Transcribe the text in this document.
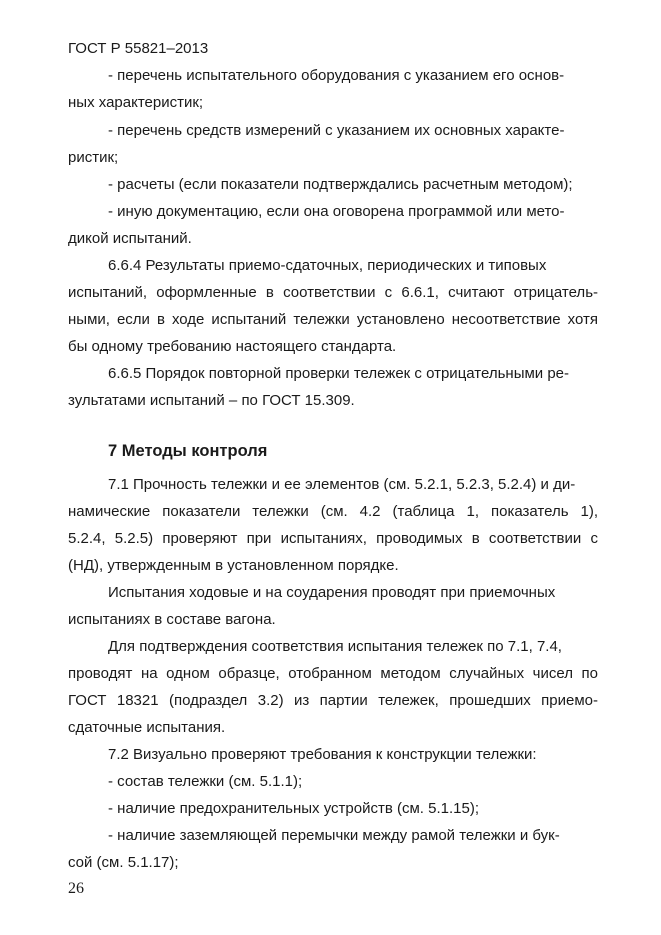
ГОСТ Р 55821–2013
- перечень испытательного оборудования с указанием его основ-
ных характеристик;
- перечень средств измерений с указанием их основных характе-
ристик;
- расчеты (если показатели подтверждались расчетным методом);
- иную документацию, если она оговорена программой или мето-
дикой испытаний.
6.6.4 Результаты приемо-сдаточных, периодических и типовых
испытаний, оформленные в соответствии с 6.6.1, считают отрицатель-
ными, если в ходе испытаний тележки установлено несоответствие хотя
бы одному требованию настоящего стандарта.
6.6.5 Порядок повторной проверки тележек с отрицательными ре-
зультатами испытаний – по ГОСТ 15.309.
7 Методы контроля
7.1 Прочность тележки и ее элементов (см. 5.2.1, 5.2.3, 5.2.4) и ди-
намические показатели тележки (см. 4.2 (таблица 1, показатель 1),
5.2.4, 5.2.5) проверяют при испытаниях, проводимых в соответствии с
(НД), утвержденным в установленном порядке.
Испытания ходовые и на соударения проводят при приемочных
испытаниях в составе вагона.
Для подтверждения соответствия испытания тележек по 7.1, 7.4,
проводят на одном образце, отобранном методом случайных чисел по
ГОСТ 18321 (подраздел 3.2) из партии тележек, прошедших приемо-
сдаточные испытания.
7.2 Визуально проверяют требования к конструкции тележки:
- состав тележки (см. 5.1.1);
- наличие предохранительных устройств (см. 5.1.15);
- наличие заземляющей перемычки между рамой тележки и бук-
сой (см. 5.1.17);
26
